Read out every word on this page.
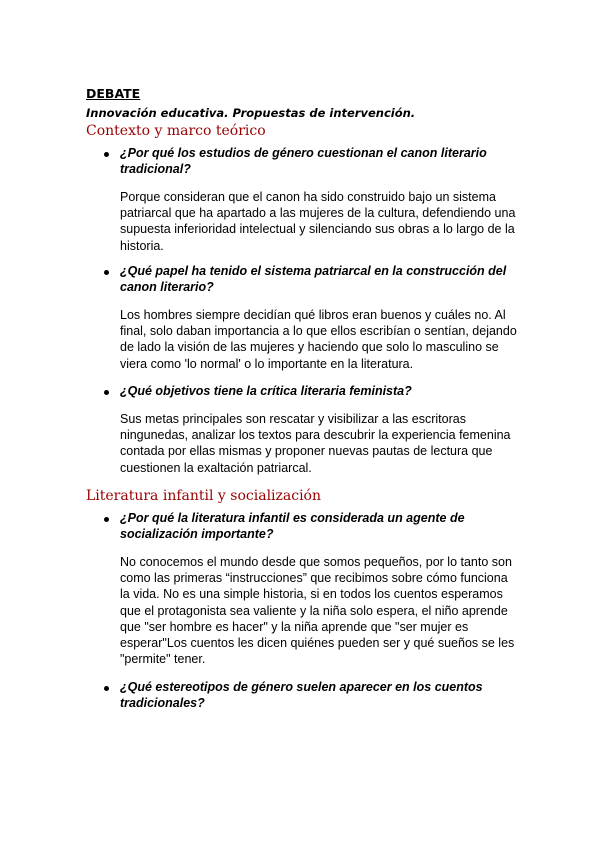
DEBATE
Innovación educativa. Propuestas de intervención.
Contexto y marco teórico
¿Por qué los estudios de género cuestionan el canon literario tradicional?
Porque consideran que el canon ha sido construido bajo un sistema patriarcal que ha apartado a las mujeres de la cultura, defendiendo una supuesta inferioridad intelectual y silenciando sus obras a lo largo de la historia.
¿Qué papel ha tenido el sistema patriarcal en la construcción del canon literario?
Los hombres siempre decidían qué libros eran buenos y cuáles no. Al final, solo daban importancia a lo que ellos escribían o sentían, dejando de lado la visión de las mujeres y haciendo que solo lo masculino se viera como 'lo normal' o lo importante en la literatura.
¿Qué objetivos tiene la crítica literaria feminista?
Sus metas principales son rescatar y visibilizar a las escritoras ningunedas, analizar los textos para descubrir la experiencia femenina contada por ellas mismas y proponer nuevas pautas de lectura que cuestionen la exaltación patriarcal.
Literatura infantil y socialización
¿Por qué la literatura infantil es considerada un agente de socialización importante?
No conocemos el mundo desde que somos pequeños, por lo tanto son como las primeras “instrucciones” que recibimos sobre cómo funciona la vida. No es una simple historia, si en todos los cuentos esperamos que el protagonista sea valiente y la niña solo espera, el niño aprende que "ser hombre es hacer" y la niña aprende que "ser mujer es esperar"Los cuentos les dicen quiénes pueden ser y qué sueños se les "permite" tener.
¿Qué estereotipos de género suelen aparecer en los cuentos tradicionales?
